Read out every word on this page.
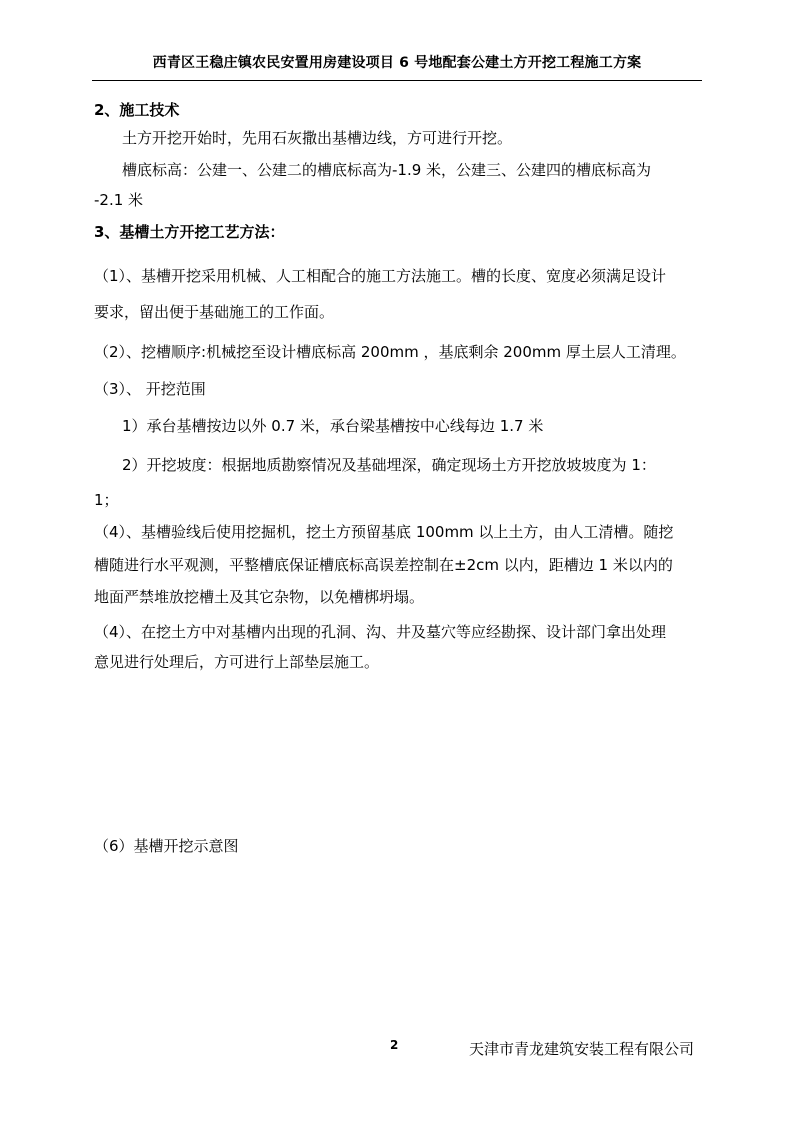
西青区王稳庄镇农民安置用房建设项目 6 号地配套公建土方开挖工程施工方案
2、施工技术
土方开挖开始时，先用石灰撒出基槽边线，方可进行开挖。
槽底标高：公建一、公建二的槽底标高为-1.9 米，公建三、公建四的槽底标高为
-2.1 米
3、基槽土方开挖工艺方法：
（1）、基槽开挖采用机械、人工相配合的施工方法施工。槽的长度、宽度必须满足设计
要求，留出便于基础施工的工作面。
（2）、挖槽顺序:机械挖至设计槽底标高 200mm ，基底剩余 200mm 厚土层人工清理。
（3）、 开挖范围
1）承台基槽按边以外 0.7 米，承台梁基槽按中心线每边 1.7 米
2）开挖坡度：根据地质勘察情况及基础埋深，确定现场土方开挖放坡坡度为 1：
1；
（4）、基槽验线后使用挖掘机，挖土方预留基底 100mm 以上土方，由人工清槽。随挖
槽随进行水平观测，平整槽底保证槽底标高误差控制在±2cm 以内，距槽边 1 米以内的
地面严禁堆放挖槽土及其它杂物，以免槽梆坍塌。
（4）、在挖土方中对基槽内出现的孔洞、沟、井及墓穴等应经勘探、设计部门拿出处理
意见进行处理后，方可进行上部垫层施工。
（6）基槽开挖示意图
2	天津市青龙建筑安装工程有限公司
